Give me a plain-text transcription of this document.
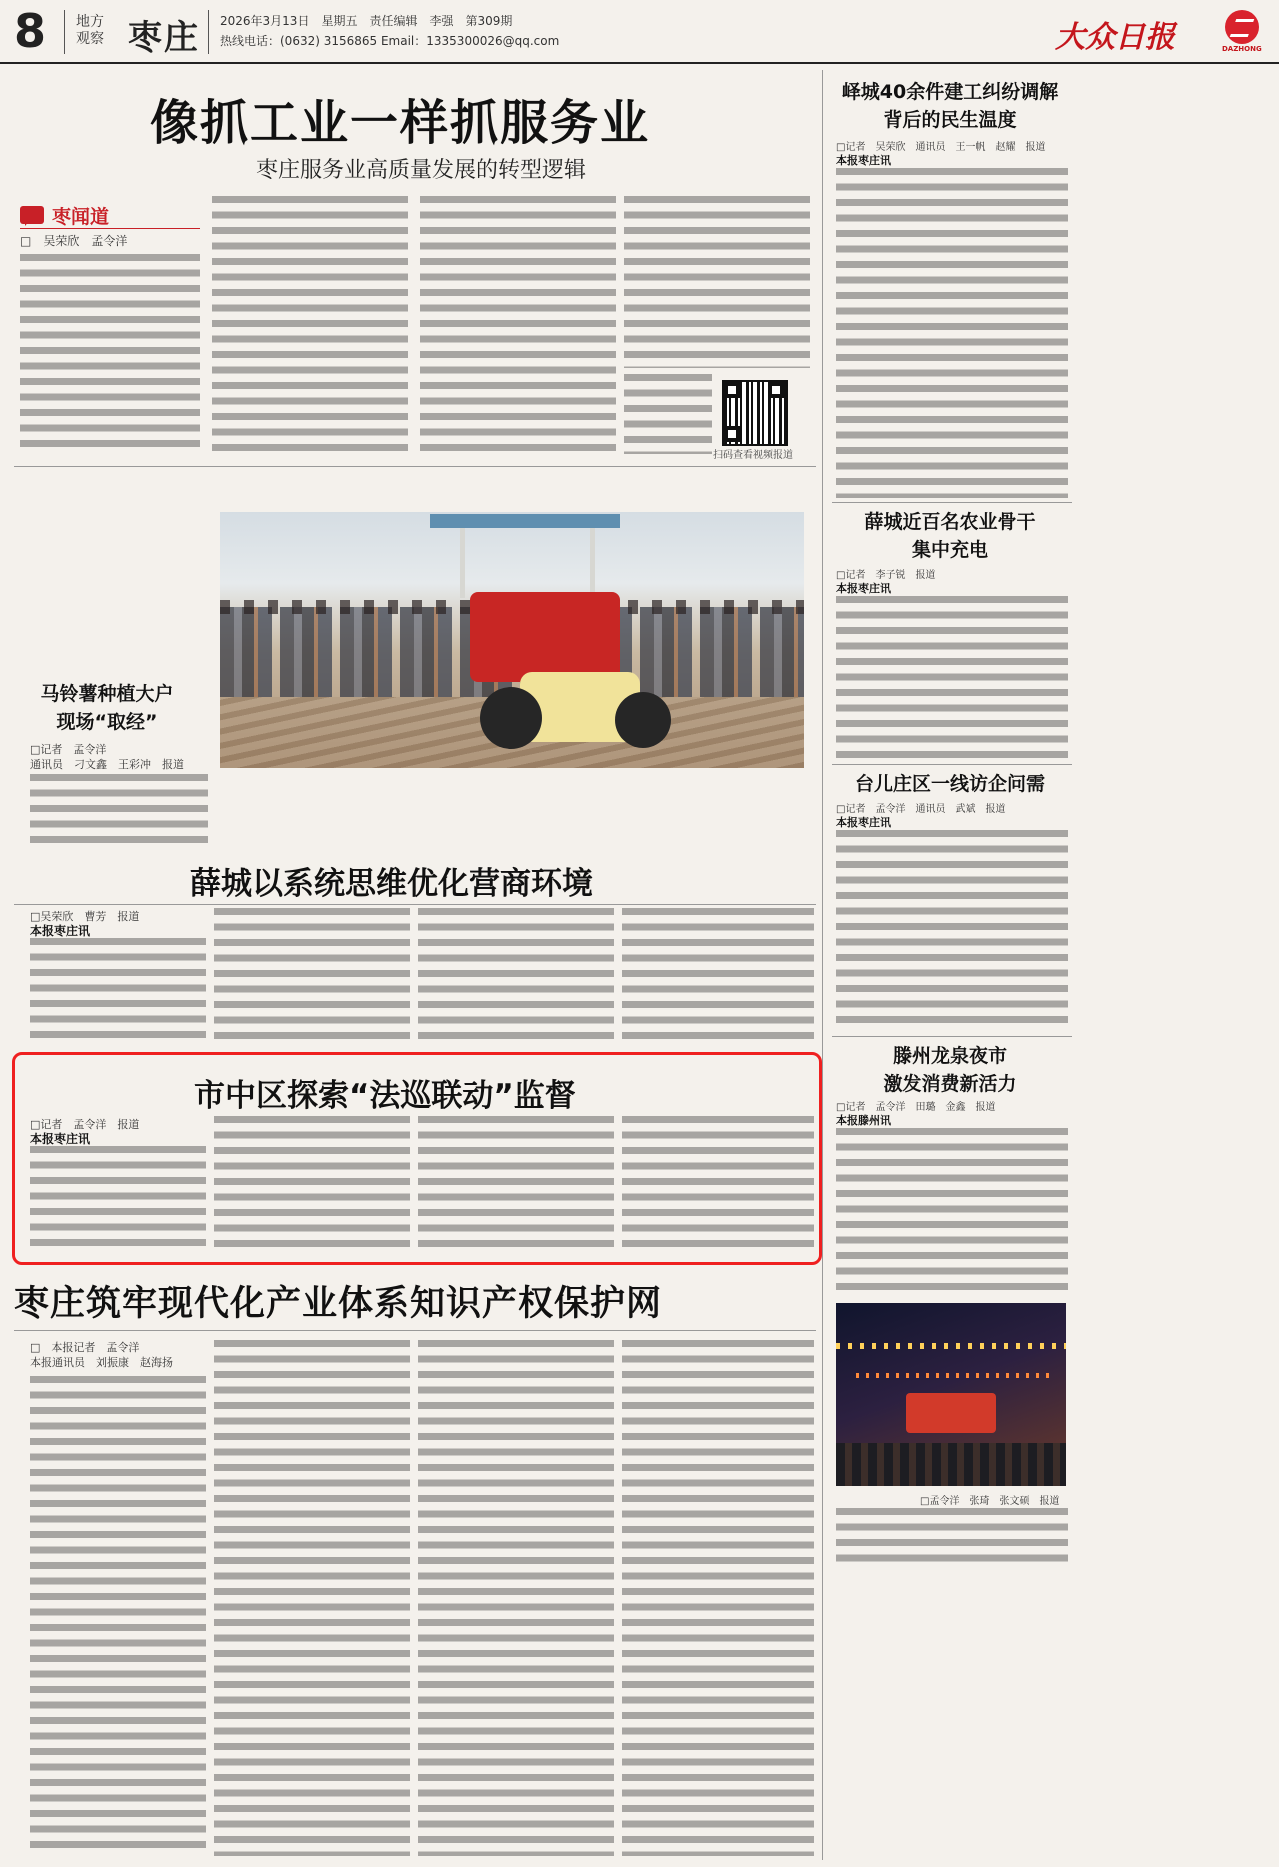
8 地方
观察 枣庄 2026年3月13日　星期五　责任编辑　李强　第309期
热线电话：(0632) 3156865 Email：1335300026@qq.com	大众日报	DAZHONG
像抓工业一样抓服务业
枣庄服务业高质量发展的转型逻辑
枣闻道
□　吴荣欣　孟令洋
扫码查看视频报道
马铃薯种植大户
现场“取经”
□记者　孟令洋
通讯员　刁文鑫　王彩冲　报道
薛城以系统思维优化营商环境
□吴荣欣　曹芳　报道
本报枣庄讯
市中区探索“法巡联动”监督
□记者　孟令洋　报道
本报枣庄讯
枣庄筑牢现代化产业体系知识产权保护网
□　本报记者　孟令洋
本报通讯员　刘振康　赵海扬
峄城40余件建工纠纷调解
背后的民生温度
□记者　吴荣欣　通讯员　王一帆　赵耀　报道
本报枣庄讯
薛城近百名农业骨干
集中充电
□记者　李子锐　报道
本报枣庄讯
台儿庄区一线访企问需
□记者　孟令洋　通讯员　武斌　报道
本报枣庄讯
滕州龙泉夜市
激发消费新活力
□记者　孟令洋　田璐　金鑫　报道
本报滕州讯
□孟令洋　张琦　张文硕　报道
